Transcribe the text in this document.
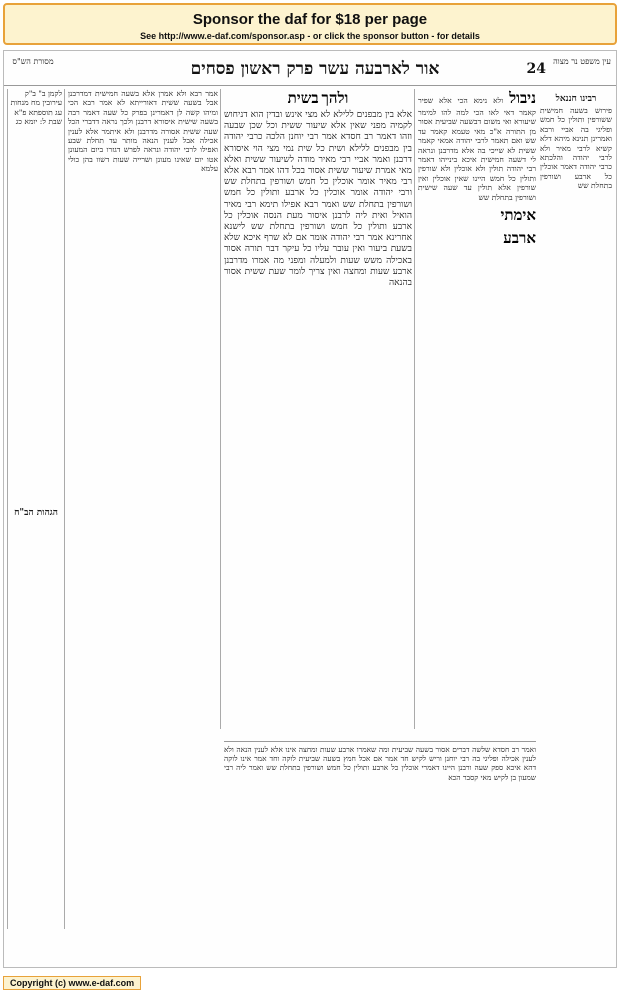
Sponsor the daf for $18 per page
See http://www.e-daf.com/sponsor.asp - or click the sponsor button - for details
עין משפט נר מצוה
24
אור לארבעה עשר פרק ראשון פסחים
מסורת הש"ס
רבינו חננאל

פירוש בשעה חמישית ששורפין ותולין כל חמש ופליגי בה אביי ורבא ואמרינן תנינא מיהא דלא קשיא לרבי מאיר ולא לרבי יהודה והלכתא כרבי יהודה דאמר אוכלין כל ארבע ושורפין בתחלת שש

ניבול ולא נימא הכי אלא שפיר קאמר דאי לאו הכי למה להו למימר שיעורא ואי משום דבשעה שביעית אסור מן התורה א"כ מאי טעמא קאמר עד שש ואם תאמר לרבי יהודה אמאי קאמר ששית לא שייכי בה אלא מדרבנן ונראה לי דשעה חמישית איכא בינייהו דאמר רבי יהודה תולין ולא אוכלין ולא שורפין ותולין כל חמש היינו שאין אוכלין ואין שורפין אלא תולין עד שעה שישית ושורפין בתחלת שש

אימתי

ארבע

ולהך בשית

אלא בין מבפנים ללילא לא מצי אינש ובדין הוא דניחוש לקמיה מפני שאין אלא שיעור ששית וכל שכן שבעה וזהו דאמר רב חסדא אמר רבי יוחנן הלכה כרבי יהודה בין מבפנים ללילא ושית כל שית נמי מצי הוי איסורא דרבנן ואמר אביי רבי מאיר מודה לשיעור ששית ואלא מאי אמרת שיעור ששית אסור בכל דהו אמר רבא אלא רבי מאיר אומר אוכלין כל חמש ושורפין בתחלת שש ורבי יהודה אומר אוכלין כל ארבע ותולין כל חמש ושורפין בתחלת שש ואמר רבא אפילו תימא רבי מאיר הואיל ואית ליה לרבנן איסור מעת הנסה אוכלין כל ארבע ותולין כל חמש ושורפין בתחלת שש לישנא אחרינא אמר רבי יהודה אומר אם לא שרף איכא שלא בשעת ביעור ואין עובר עליו כל עיקר דבר תורה אסור באכילה משש שעות ולמעלה ומפני מה אמרו מדרבנן ארבע שעות ומחצה ואין צריך לומר שעת ששית אסור בהנאה

אמר רבא ולא אמרן אלא בשעה חמישית דמדרבנן אבל בשעה ששית דאורייתא לא אמר רבא הכי ומיהו קשה לן דאמרינן בפרק כל שעה דאמר רבה בשעה שישית איסורא דרבנן ולכך נראה דדברי הכל שעה ששית אסורה מדרבנן ולא איתמר אלא לענין אכילה אבל לענין הנאה מותר עד תחלת שבע ואפילו לרבי יהודה ונראה לפרש דגזרו ביום המעונן אטו יום שאינו מעונן ושרייה שעות דשוו בהן כולי עלמא

לקמן ב" ב"ק עירובין מח מנחות עג תוספתא פ"א שבת ל: יומא כג

הגהות הב"ח

ואמר רב חסדא שלשה דברים אסור בשעה שביעית ומה שאמרו ארבע שעות ומחצה אינו אלא לענין הנאה ולא לענין אכילה ופליגי בה רבי יוחנן וריש לקיש חד אמר אם אכל חמץ בשעה שביעית לוקה וחד אמר אינו לוקה דהא איכא ספק שעה ורבנן היינו דאמרי אוכלין כל ארבע ותולין כל חמש ושורפין בתחלת שש ואמר ליה רבי שמעון בן לקיש מאי קסבר הכא

Copyright (c) www.e-daf.com
